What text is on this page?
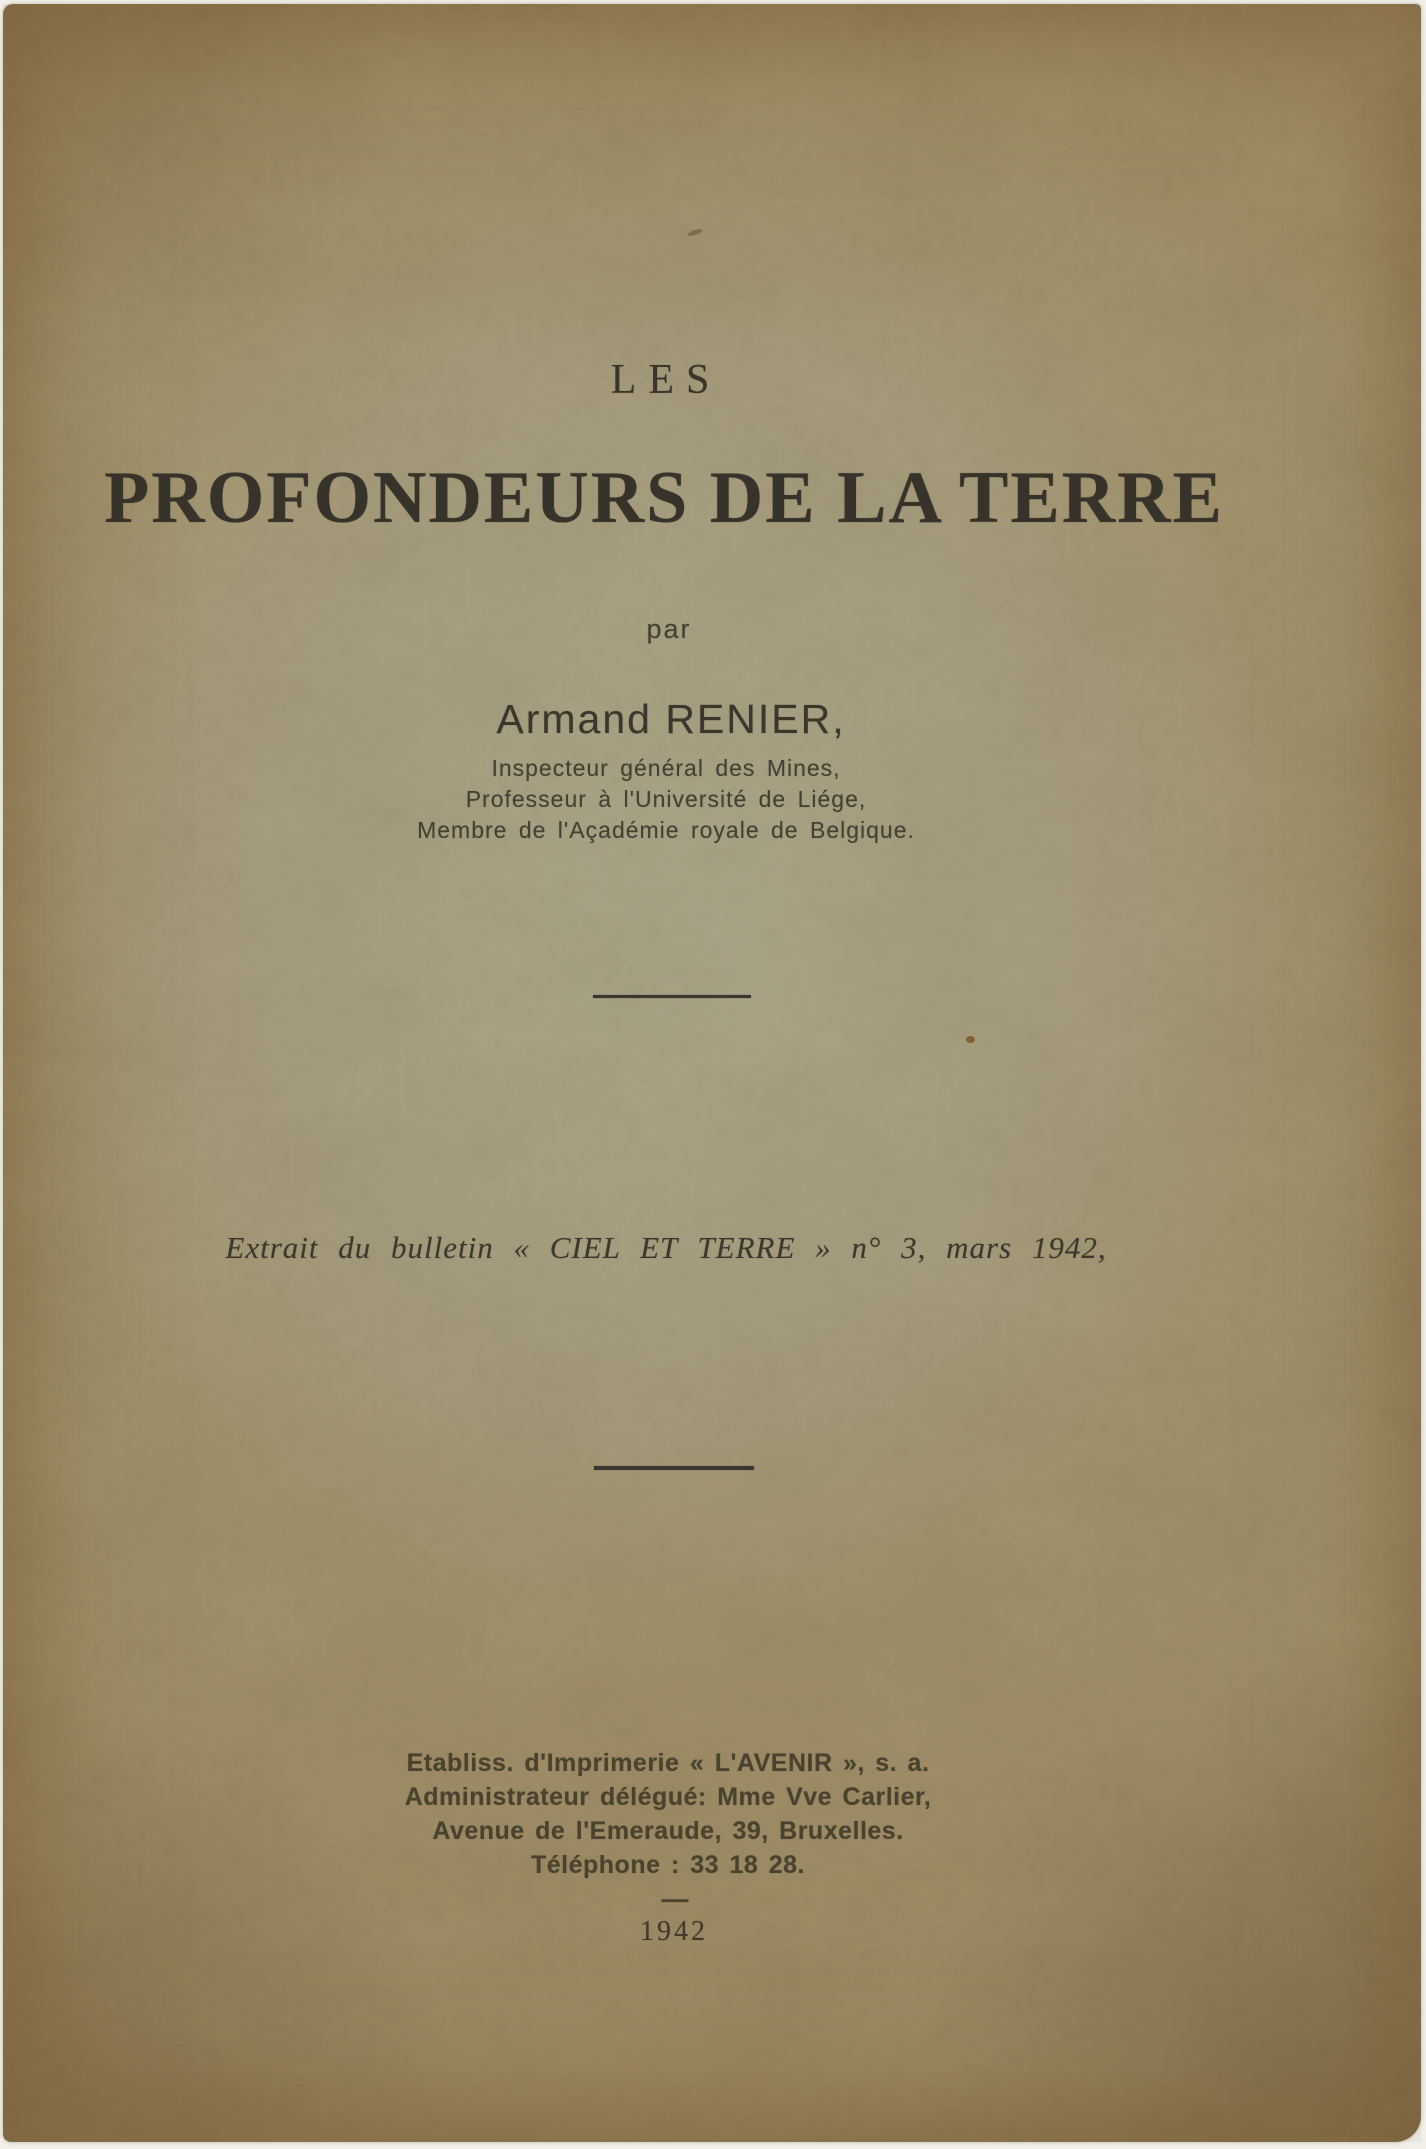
LES
PROFONDEURS DE LA TERRE
par
Armand RENIER,
Inspecteur général des Mines,
Professeur à l'Université de Liége,
Membre de l'Açadémie royale de Belgique.
Extrait du bulletin « CIEL ET TERRE » n° 3, mars 1942,
Etabliss. d'Imprimerie « L'AVENIR », s. a.
Administrateur délégué: Mme Vve Carlier,
Avenue de l'Emeraude, 39, Bruxelles.
Téléphone : 33 18 28.
—
1942
